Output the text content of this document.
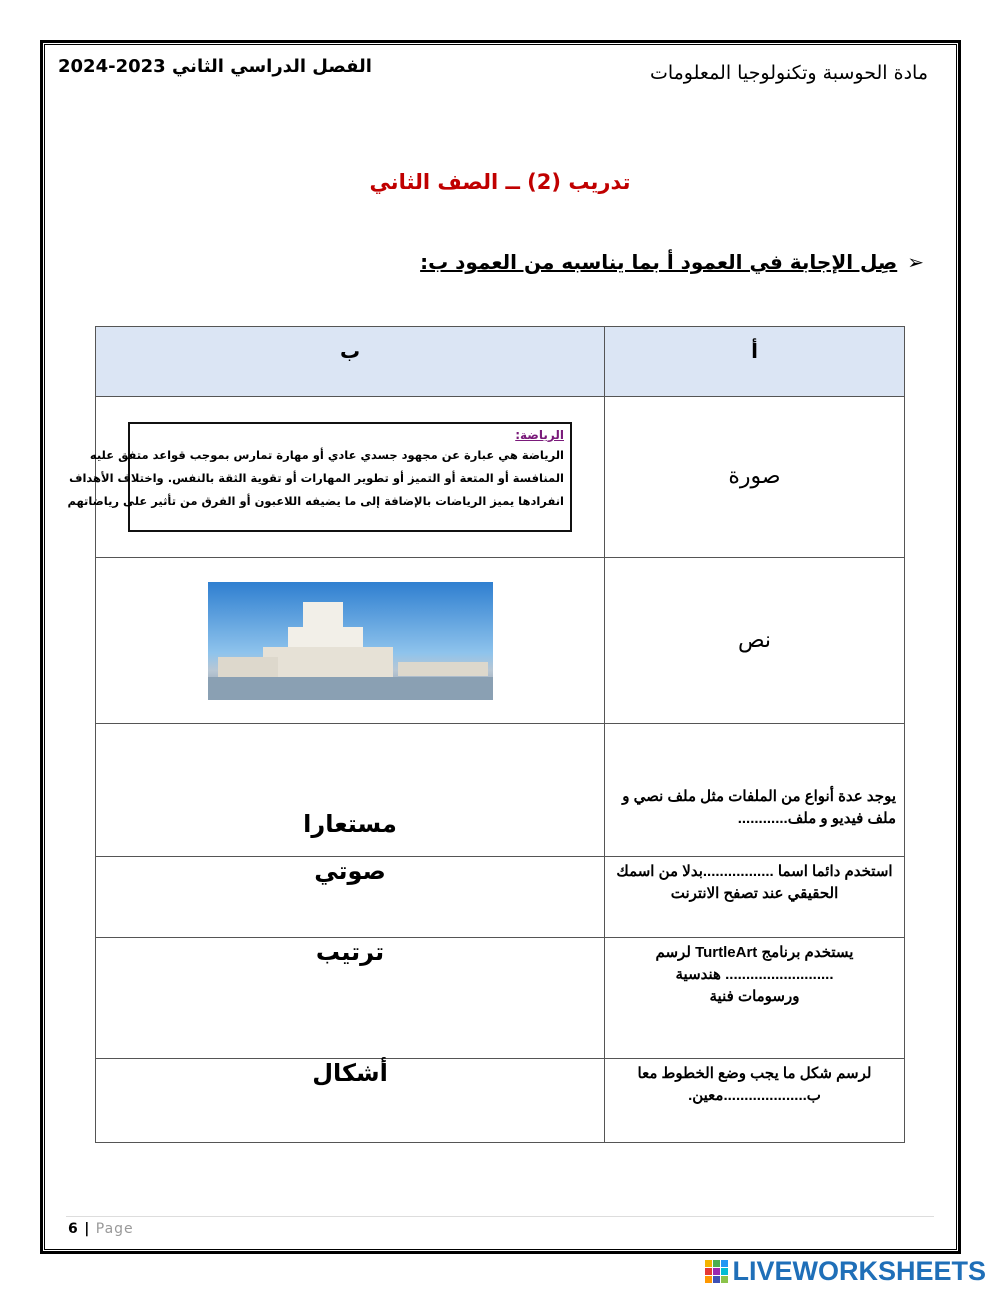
مادة الحوسبة وتكنولوجيا المعلومات
الفصل الدراسي الثاني 2023-2024
تدريب (2) ــ الصف الثاني
➢
صِل الإجابة في العمود أ بما يناسبه من العمود ب:
أ	ب
صورة	الرياضة:
الرياضة هي عبارة عن مجهود جسدي عادي أو مهارة تمارس بموجب قواعد متفق عليه
المنافسة أو المتعة أو التميز أو تطوير المهارات أو تقوية الثقة بالنفس. واختلاف الأهداف
انفرادها يميز الرياضات بالإضافة إلى ما يضيفه اللاعبون أو الفرق من تأثير على رياضاتهم

نص	

يوجد عدة أنواع من الملفات مثل ملف نصي و ملف فيديو و ملف............	مستعارا
استخدم دائما اسما .................بدلا من اسمك الحقيقي عند تصفح الانترنت	صوتي
يستخدم برنامج TurtleArt لرسم .......................... هندسية ورسومات فنية	ترتيب
لرسم شكل ما يجب وضع الخطوط معا ب....................معين.	أشكال
6 | Page
LIVEWORKSHEETS
